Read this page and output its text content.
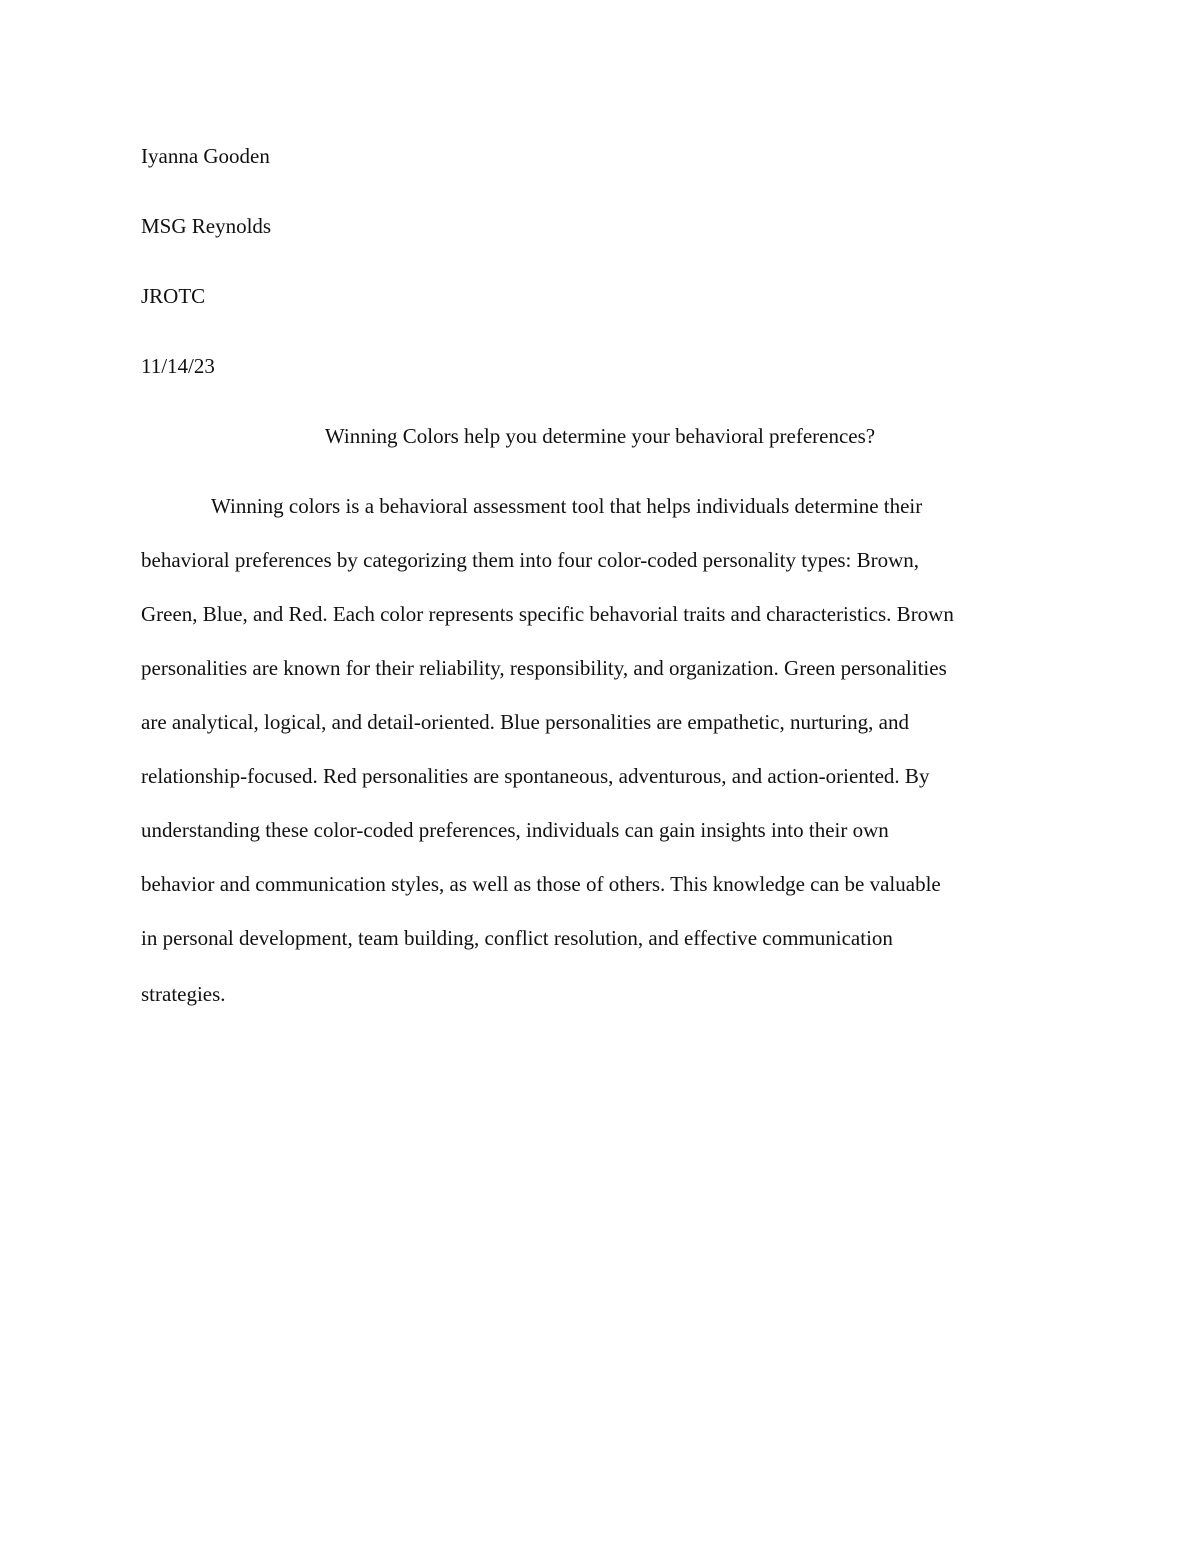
Iyanna Gooden

MSG Reynolds

JROTC

11/14/23

Winning Colors help you determine your behavioral preferences?

Winning colors is a behavioral assessment tool that helps individuals determine their

behavioral preferences by categorizing them into four color-coded personality types: Brown,

Green, Blue, and Red. Each color represents specific behavorial traits and characteristics. Brown

personalities are known for their reliability, responsibility, and organization. Green personalities

are analytical, logical, and detail-oriented. Blue personalities are empathetic, nurturing, and

relationship-focused. Red personalities are spontaneous, adventurous, and action-oriented. By

understanding these color-coded preferences, individuals can gain insights into their own

behavior and communication styles, as well as those of others. This knowledge can be valuable

in personal development, team building, conflict resolution, and effective communication

strategies.
